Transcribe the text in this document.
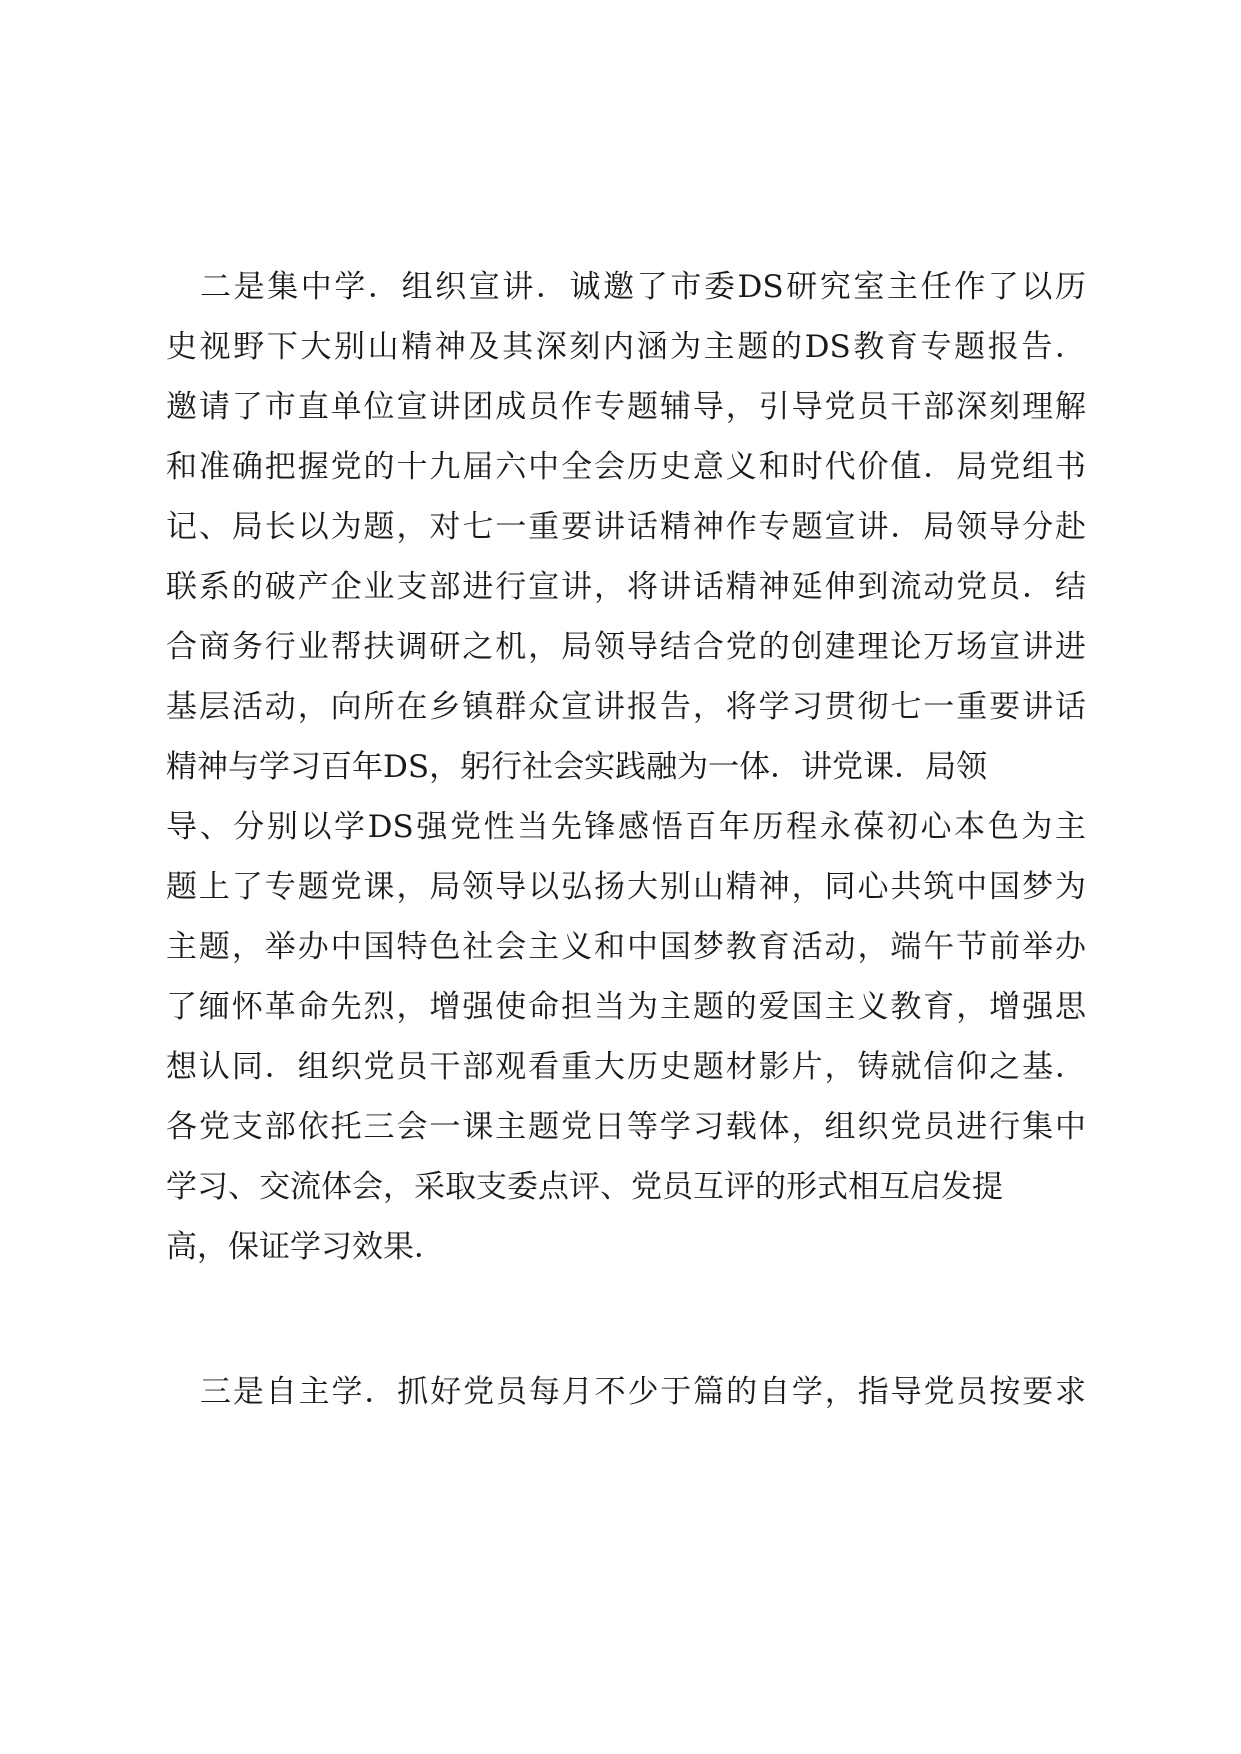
二是集中学．组织宣讲．诚邀了市委DS研究室主任作了以历

史视野下大别山精神及其深刻内涵为主题的DS教育专题报告．

邀请了市直单位宣讲团成员作专题辅导，引导党员干部深刻理解

和准确把握党的十九届六中全会历史意义和时代价值．局党组书

记、局长以为题，对七一重要讲话精神作专题宣讲．局领导分赴

联系的破产企业支部进行宣讲，将讲话精神延伸到流动党员．结

合商务行业帮扶调研之机，局领导结合党的创建理论万场宣讲进

基层活动，向所在乡镇群众宣讲报告，将学习贯彻七一重要讲话

精神与学习百年DS，躬行社会实践融为一体．讲党课．局领

导、分别以学DS强党性当先锋感悟百年历程永葆初心本色为主

题上了专题党课，局领导以弘扬大别山精神，同心共筑中国梦为

主题，举办中国特色社会主义和中国梦教育活动，端午节前举办

了缅怀革命先烈，增强使命担当为主题的爱国主义教育，增强思

想认同．组织党员干部观看重大历史题材影片，铸就信仰之基．

各党支部依托三会一课主题党日等学习载体，组织党员进行集中

学习、交流体会，采取支委点评、党员互评的形式相互启发提

高，保证学习效果．

三是自主学．抓好党员每月不少于篇的自学，指导党员按要求
